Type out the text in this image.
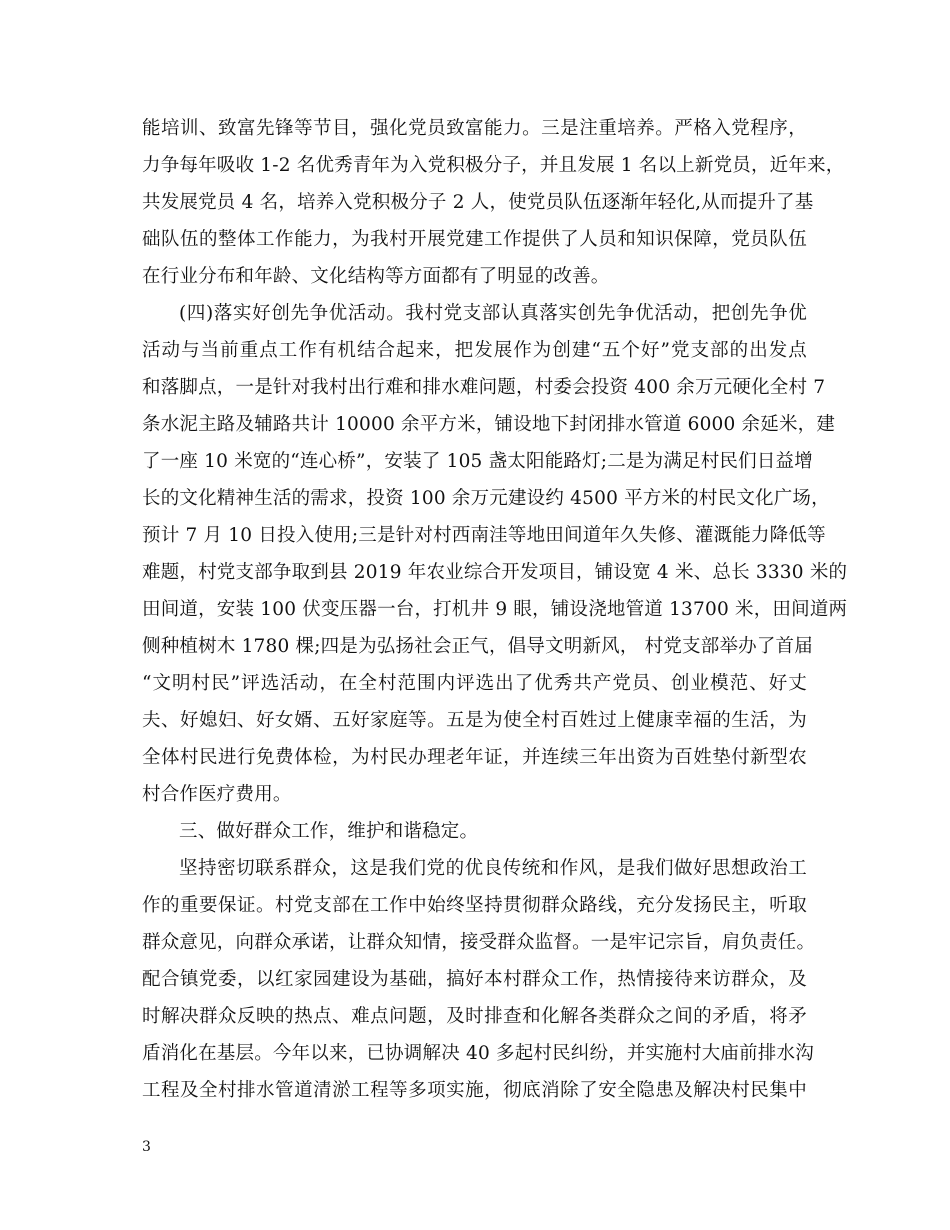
能培训、致富先锋等节目，强化党员致富能力。三是注重培养。严格入党程序，
力争每年吸收 1-2 名优秀青年为入党积极分子，并且发展 1 名以上新党员，近年来，
共发展党员 4 名，培养入党积极分子 2 人，使党员队伍逐渐年轻化,从而提升了基
础队伍的整体工作能力，为我村开展党建工作提供了人员和知识保障，党员队伍
在行业分布和年龄、文化结构等方面都有了明显的改善。
(四)落实好创先争优活动。我村党支部认真落实创先争优活动，把创先争优
活动与当前重点工作有机结合起来，把发展作为创建“五个好”党支部的出发点
和落脚点，一是针对我村出行难和排水难问题，村委会投资 400 余万元硬化全村 7
条水泥主路及辅路共计 10000 余平方米，铺设地下封闭排水管道 6000 余延米，建
了一座 10 米宽的“连心桥”，安装了 105 盏太阳能路灯;二是为满足村民们日益增
长的文化精神生活的需求，投资 100 余万元建设约 4500 平方米的村民文化广场，
预计 7 月 10 日投入使用;三是针对村西南洼等地田间道年久失修、灌溉能力降低等
难题，村党支部争取到县 2019 年农业综合开发项目，铺设宽 4 米、总长 3330 米的
田间道，安装 100 伏变压器一台，打机井 9 眼，铺设浇地管道 13700 米，田间道两
侧种植树木 1780 棵;四是为弘扬社会正气，倡导文明新风， 村党支部举办了首届
“文明村民”评选活动，在全村范围内评选出了优秀共产党员、创业模范、好丈
夫、好媳妇、好女婿、五好家庭等。五是为使全村百姓过上健康幸福的生活，为
全体村民进行免费体检，为村民办理老年证，并连续三年出资为百姓垫付新型农
村合作医疗费用。
三、做好群众工作，维护和谐稳定。
坚持密切联系群众，这是我们党的优良传统和作风，是我们做好思想政治工
作的重要保证。村党支部在工作中始终坚持贯彻群众路线，充分发扬民主，听取
群众意见，向群众承诺，让群众知情，接受群众监督。一是牢记宗旨，肩负责任。
配合镇党委，以红家园建设为基础，搞好本村群众工作，热情接待来访群众，及
时解决群众反映的热点、难点问题，及时排查和化解各类群众之间的矛盾，将矛
盾消化在基层。今年以来，已协调解决 40 多起村民纠纷，并实施村大庙前排水沟
工程及全村排水管道清淤工程等多项实施，彻底消除了安全隐患及解决村民集中
3
